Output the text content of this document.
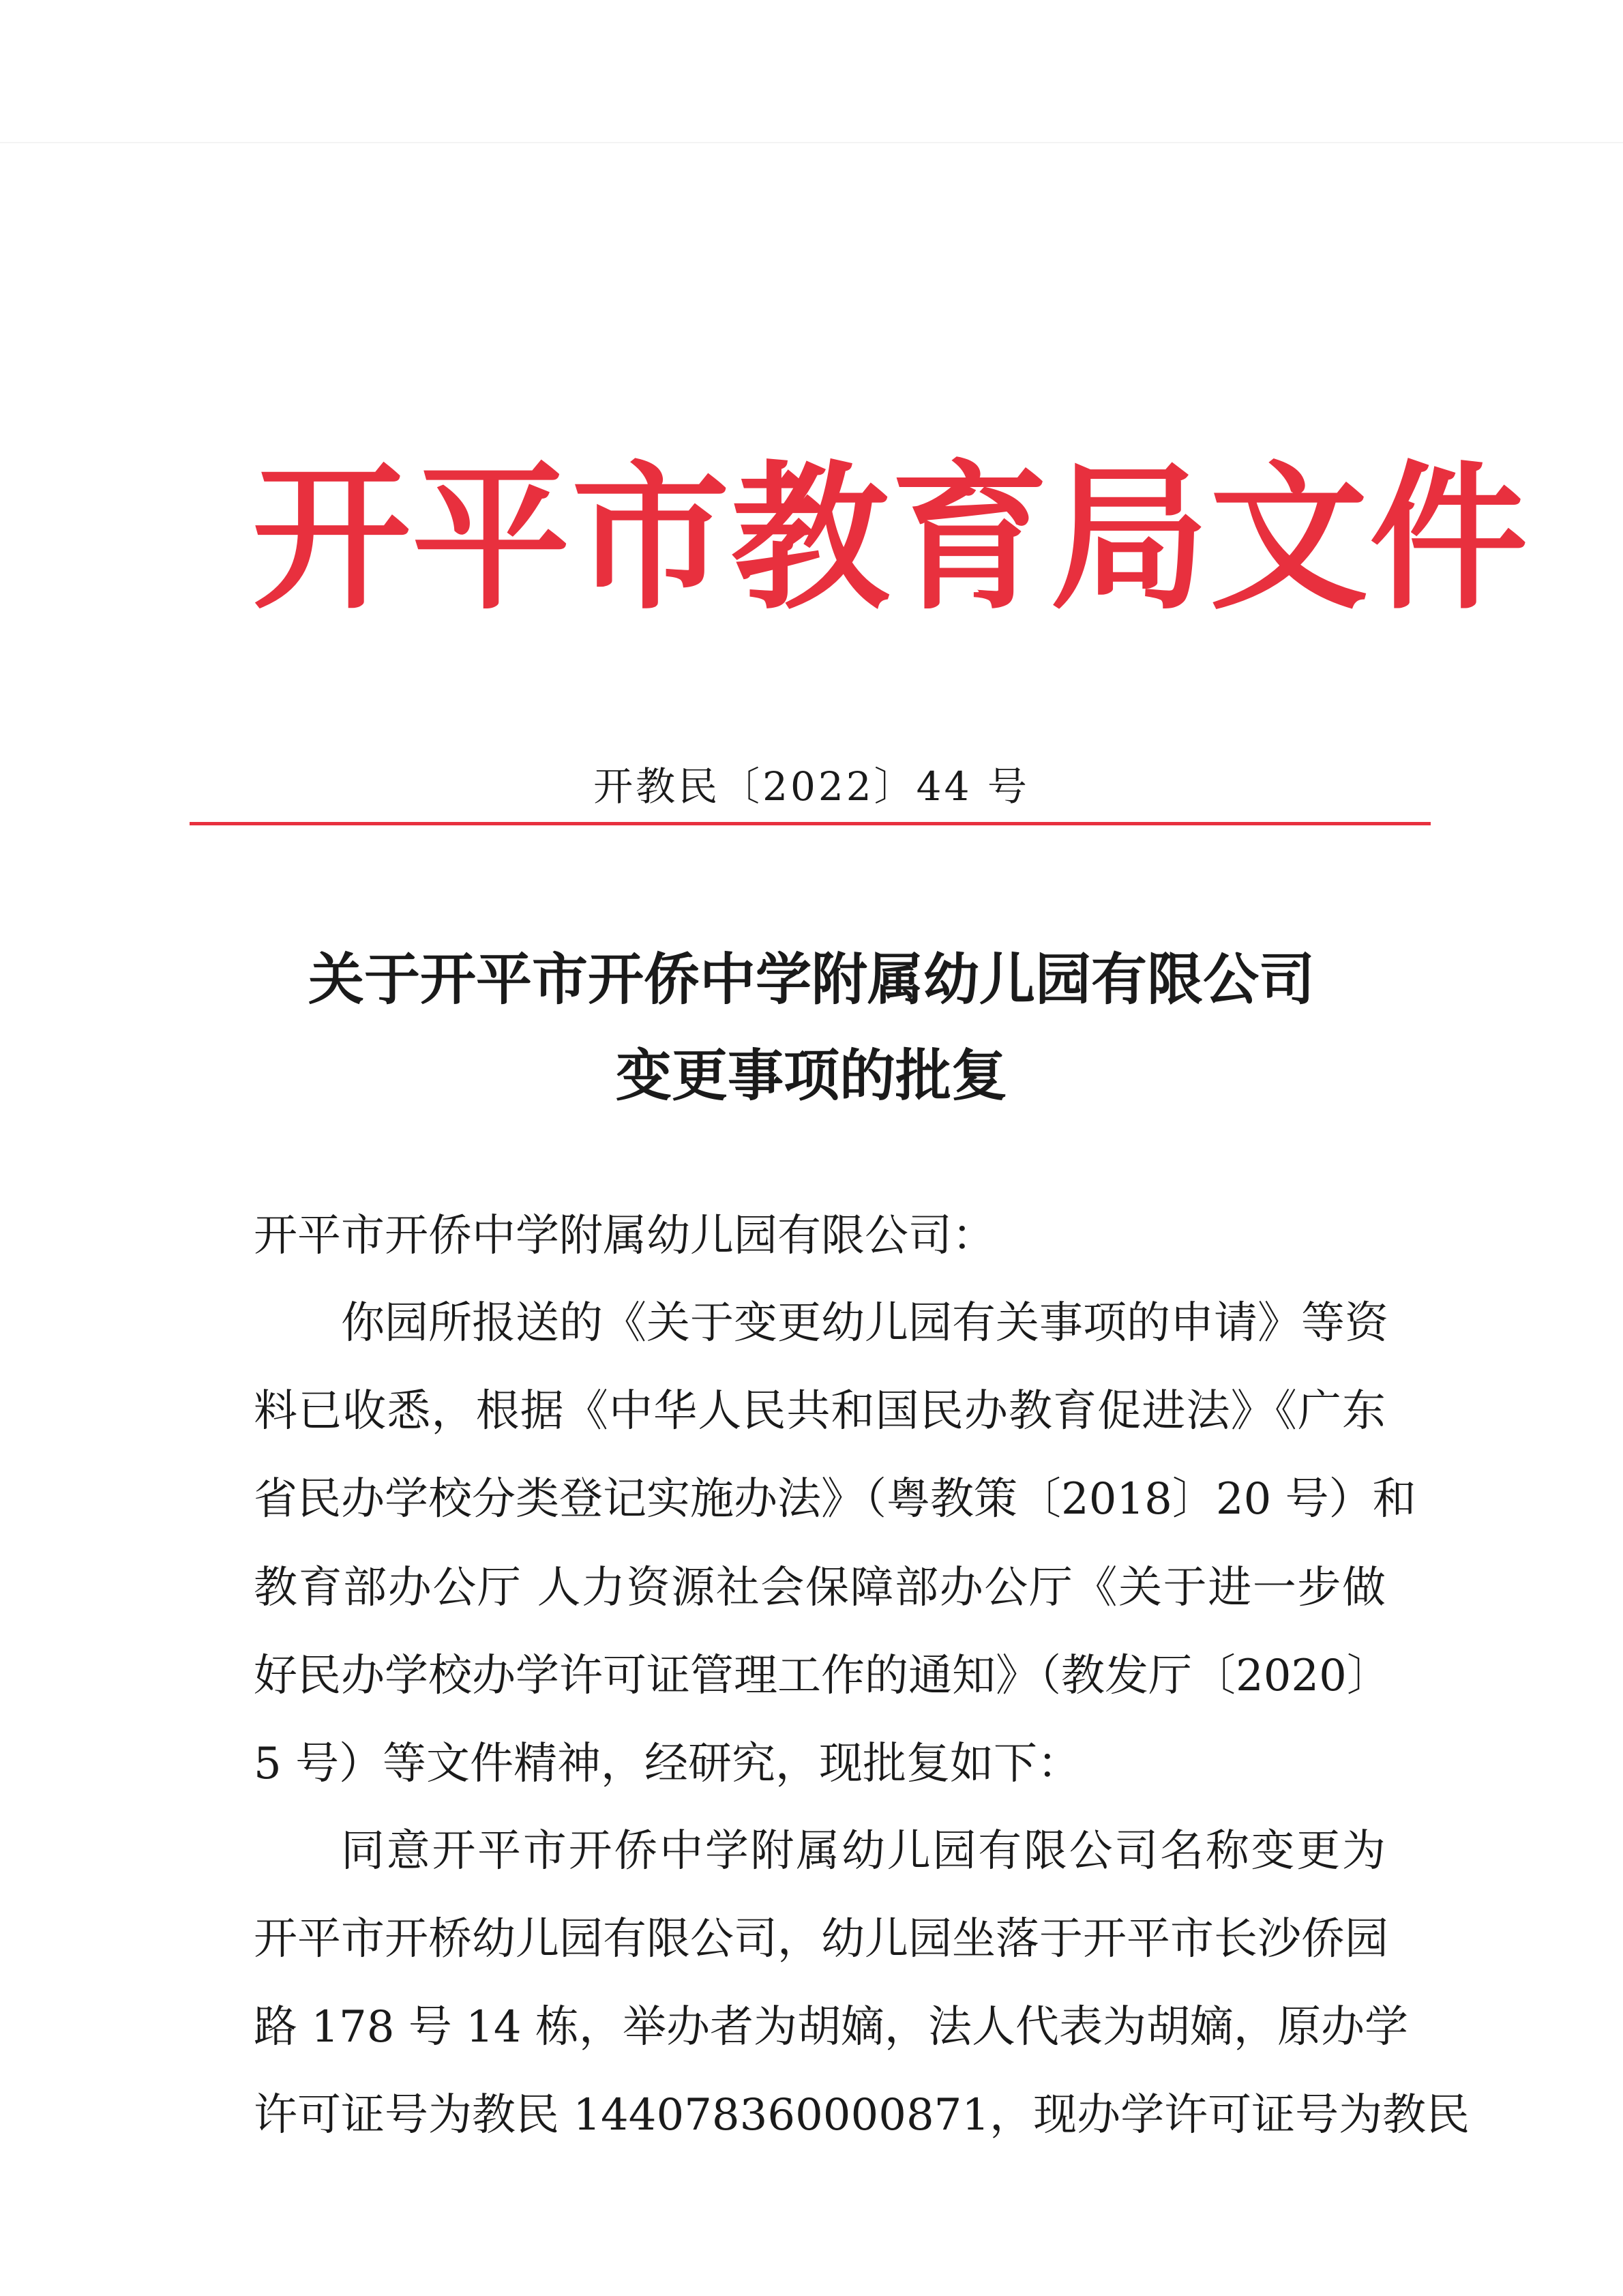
开平市教育局文件
开教民〔2022〕44 号
关于开平市开侨中学附属幼儿园有限公司
变更事项的批复
开平市开侨中学附属幼儿园有限公司：
你园所报送的《关于变更幼儿园有关事项的申请》等资
料已收悉，根据《中华人民共和国民办教育促进法》《广东
省民办学校分类登记实施办法》（粤教策〔2018〕20 号）和
教育部办公厅 人力资源社会保障部办公厅《关于进一步做
好民办学校办学许可证管理工作的通知》（教发厅〔2020〕
5 号）等文件精神，经研究，现批复如下：
同意开平市开侨中学附属幼儿园有限公司名称变更为
开平市开桥幼儿园有限公司，幼儿园坐落于开平市长沙侨园
路 178 号 14 栋，举办者为胡嫡，法人代表为胡嫡，原办学
许可证号为教民 144078360000871，现办学许可证号为教民
